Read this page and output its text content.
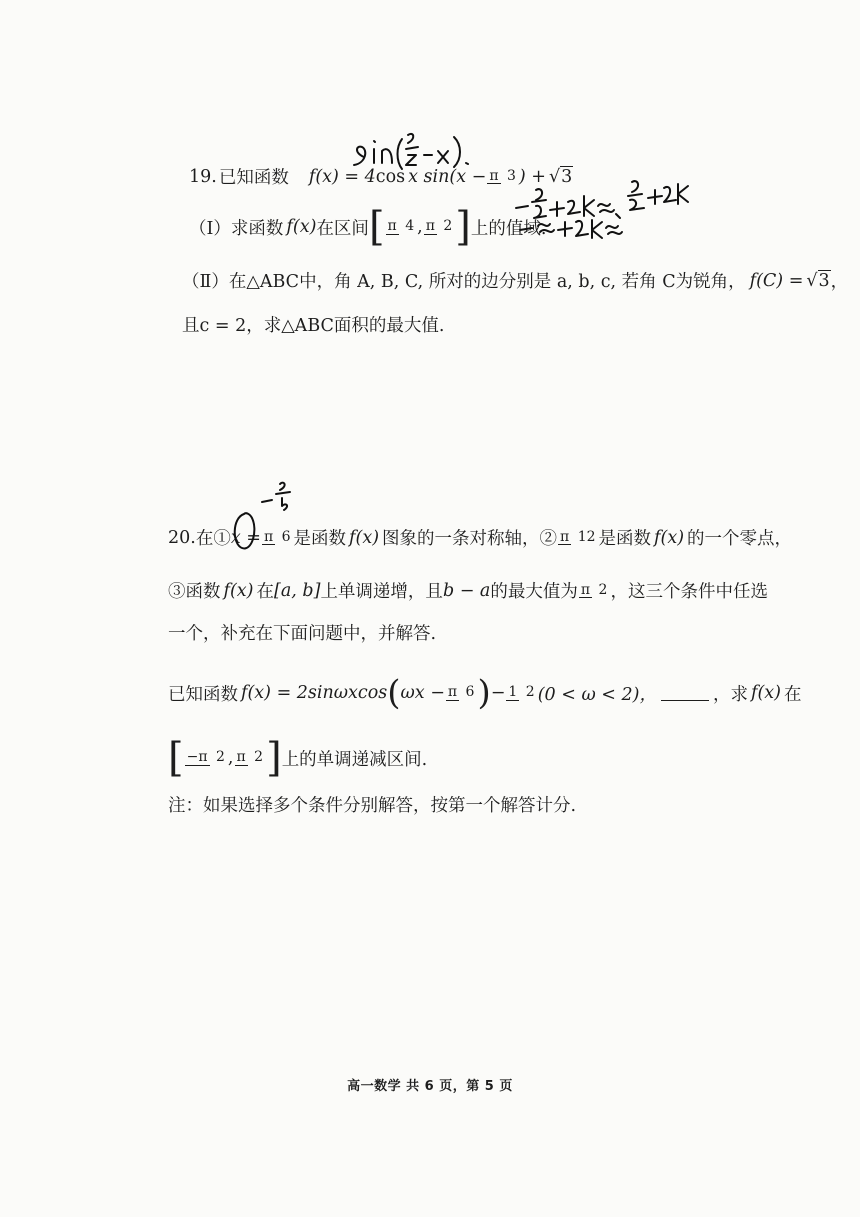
19. 已知函数 f(x) = 4 cos x sin(x − π 3 ) + √3
（Ⅰ）求函数 f(x) 在区间 [ π 4 , π 2 ] 上的值域.
（Ⅱ）在△ABC中，角 A, B, C, 所对的边分别是 a, b, c, 若角 C为锐角， f(C) = √3 ，
且c = 2，求△ABC面积的最大值.
20. 在① x = π 6 是函数 f(x) 图象的一条对称轴，② π 12 是函数 f(x) 的一个零点，
③函数 f(x) 在 [a, b] 上单调递增，且 b − a 的最大值为 π 2 ，这三个条件中任选
一个，补充在下面问题中，并解答.
已知函数 f(x) = 2sinωxcos ( ωx − π 6 ) − 1 2 (0 < ω < 2)，	，求 f(x) 在
[ −π 2 , π 2 ] 上的单调递减区间.
注：如果选择多个条件分别解答，按第一个解答计分.
高一数学 共 6 页，第 5 页
